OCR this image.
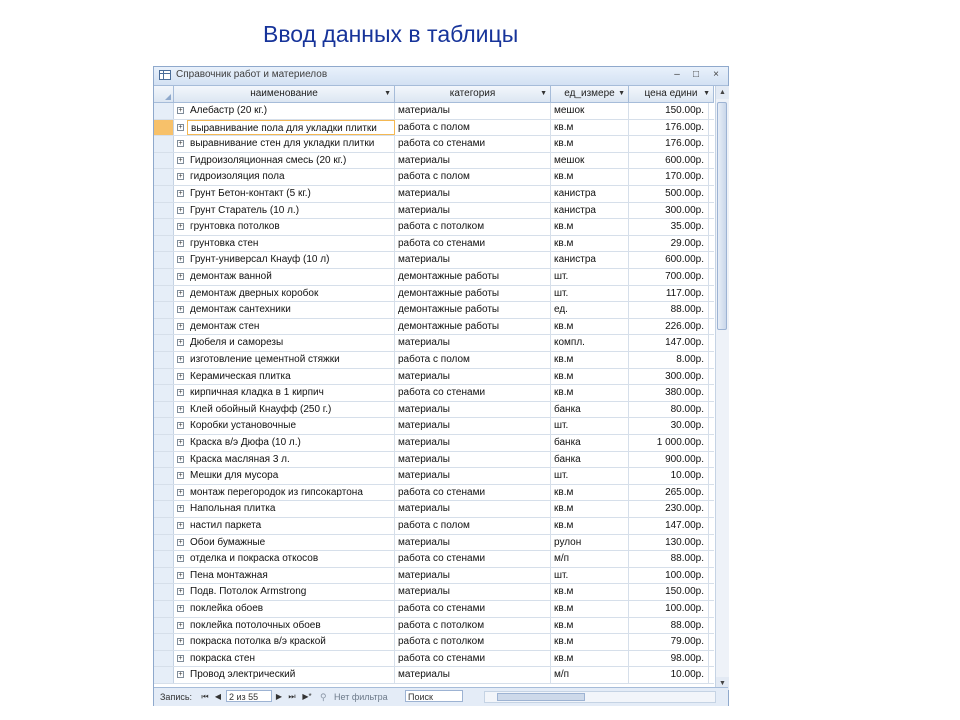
Ввод данных в таблицы
Справочник работ и материелов	–	□	×
наименование	▼	категория	▼	ед_измере ▼	цена едини ▼
+ Алебастр (20 кг.)	материалы	мешок	150.00р.
+ выравнивание пола для укладки плитки	работа с полом	кв.м	176.00р.
+ выравнивание стен для укладки плитки	работа со стенами	кв.м	176.00р.
+ Гидроизоляционная смесь (20 кг.)	материалы	мешок	600.00р.
+ гидроизоляция пола	работа с полом	кв.м	170.00р.
+ Грунт Бетон-контакт (5 кг.)	материалы	канистра	500.00р.
+ Грунт Старатель (10 л.)	материалы	канистра	300.00р.
+ грунтовка потолков	работа с потолком	кв.м	35.00р.
+ грунтовка стен	работа со стенами	кв.м	29.00р.
+ Грунт-универсал Кнауф (10 л)	материалы	канистра	600.00р.
+ демонтаж ванной	демонтажные работы	шт.	700.00р.
+ демонтаж дверных коробок	демонтажные работы	шт.	117.00р.
+ демонтаж сантехники	демонтажные работы	ед.	88.00р.
+ демонтаж стен	демонтажные работы	кв.м	226.00р.
+ Дюбеля и саморезы	материалы	компл.	147.00р.
+ изготовление цементной стяжки	работа с полом	кв.м	8.00р.
+ Керамическая плитка	материалы	кв.м	300.00р.
+ кирпичная кладка в 1 кирпич	работа со стенами	кв.м	380.00р.
+ Клей обойный Кнауфф (250 г.)	материалы	банка	80.00р.
+ Коробки установочные	материалы	шт.	30.00р.
+ Краска в/э Дюфа (10 л.)	материалы	банка	1 000.00р.
+ Краска масляная 3 л.	материалы	банка	900.00р.
+ Мешки для мусора	материалы	шт.	10.00р.
+ монтаж перегородок из гипсокартона	работа со стенами	кв.м	265.00р.
+ Напольная плитка	материалы	кв.м	230.00р.
+ настил паркета	работа с полом	кв.м	147.00р.
+ Обои бумажные	материалы	рулон	130.00р.
+ отделка и покраска откосов	работа со стенами	м/п	88.00р.
+ Пена монтажная	материалы	шт.	100.00р.
+ Подв. Потолок Armstrong	материалы	кв.м	150.00р.
+ поклейка обоев	работа со стенами	кв.м	100.00р.
+ поклейка потолочных обоев	работа с потолком	кв.м	88.00р.
+ покраска потолка в/э краской	работа с потолком	кв.м	79.00р.
+ покраска стен	работа со стенами	кв.м	98.00р.
+ Провод электрический	материалы	м/п	10.00р.
▲
▼
Запись: ⏮ ◀ 2 из 55	▶ ⏭ ▶* ⚲ Нет фильтра	Поиск
